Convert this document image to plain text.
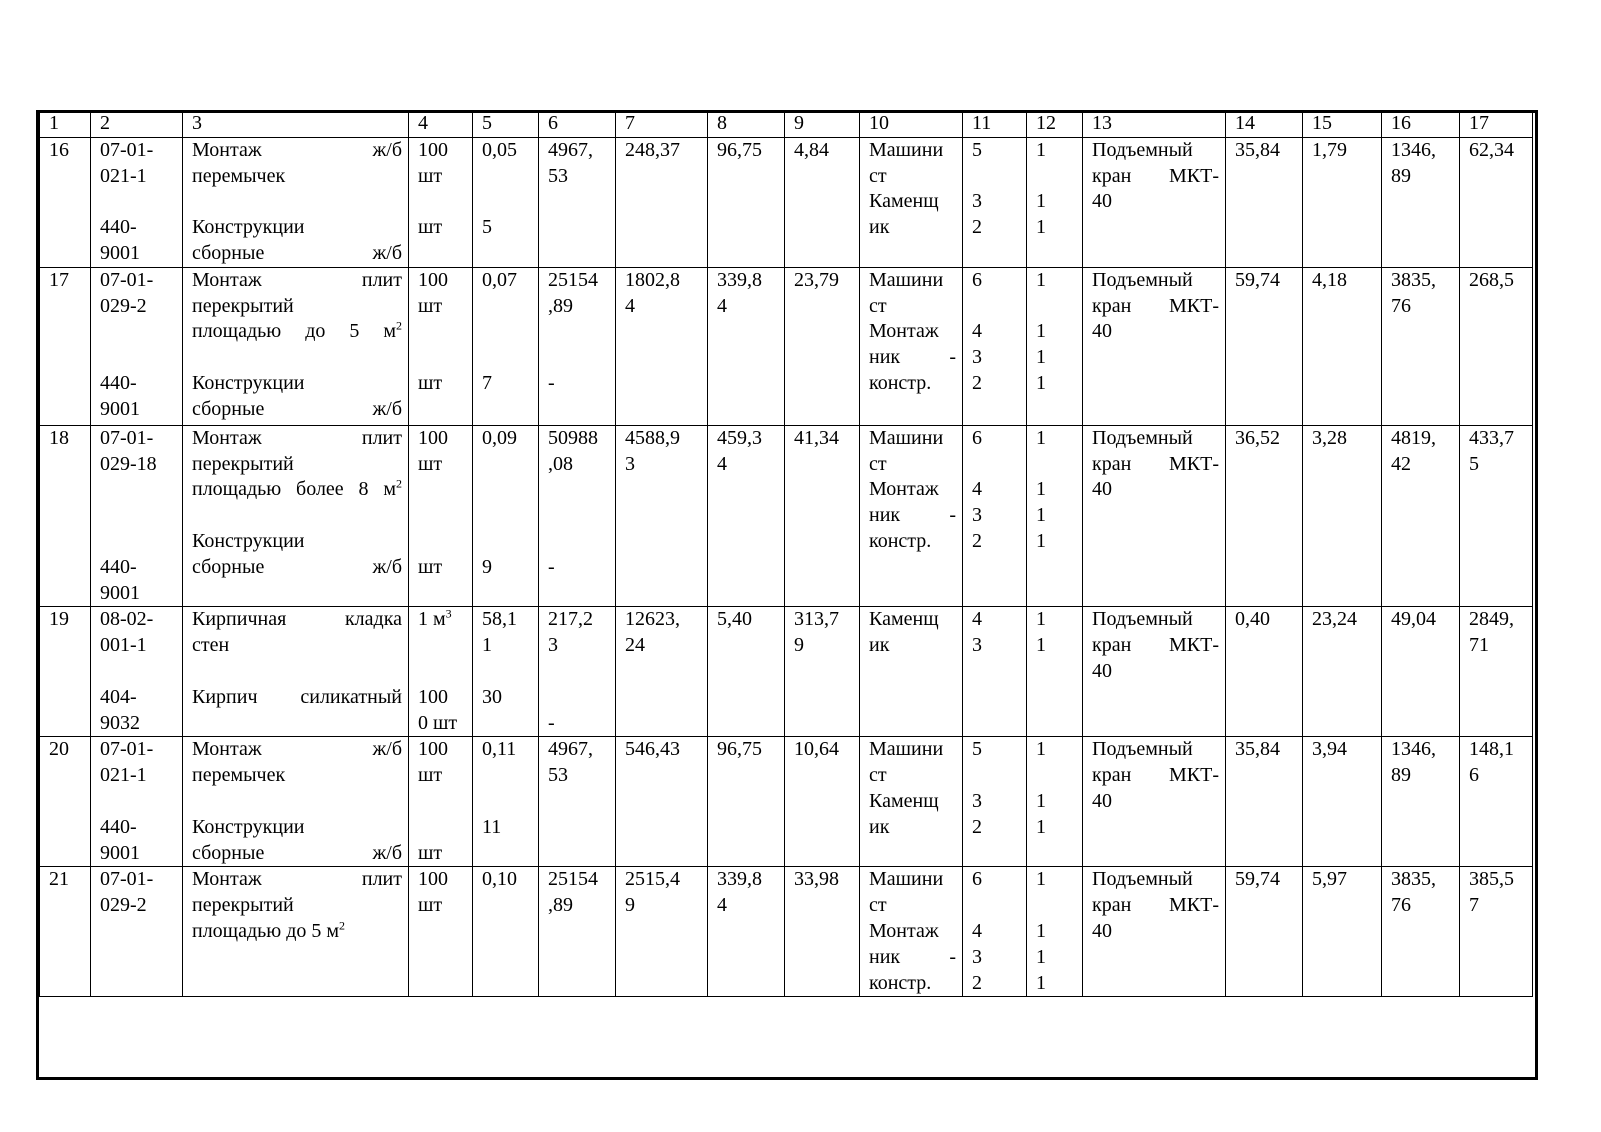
1	2	3	4	5	6	7	8	9	10	11	12	13	14	15	16	17

16	07-01-
021-1

440-
9001	Монтаж ж/б
перемычек

Конструкции
сборные ж/б	100
шт

шт	0,05

5	4967,
53	248,37	96,75	4,84	Машини
ст
Каменщ
ик	5

3
2	1

1
1	Подъемный
кран МКТ-
40	35,84	1,79	1346,
89	62,34

17	07-01-
029-2

440-
9001	Монтаж плит
перекрытий
площадью до 5 $м^2$

Конструкции
сборные ж/б	100
шт

шт	0,07

7	25154
,89

-	1802,8
4	339,8
4	23,79	Машини
ст
Монтаж
ник -
констр.	6

4
3
2	1

1
1
1	Подъемный
кран МКТ-
40	59,74	4,18	3835,
76	268,5

18	07-01-
029-18

440-
9001	Монтаж плит
перекрытий
площадью более 8 $м^2$

Конструкции
сборные ж/б	100
шт

шт	0,09

9	50988
,08

-	4588,9
3	459,3
4	41,34	Машини
ст
Монтаж
ник -
констр.	6

4
3
2	1

1
1
1	Подъемный
кран МКТ-
40	36,52	3,28	4819,
42	433,7
5

19	08-02-
001-1

404-
9032	Кирпичная кладка
стен

Кирпич силикатный	1 $м^3$

100
0 шт	58,1
1

30	217,2
3

-	12623,
24	5,40	313,7
9	Каменщ
ик	4
3	1
1	Подъемный
кран МКТ-
40	0,40	23,24	49,04	2849,
71

20	07-01-
021-1

440-
9001	Монтаж ж/б
перемычек

Конструкции
сборные ж/б	100
шт

шт	0,11

11	4967,
53	546,43	96,75	10,64	Машини
ст
Каменщ
ик	5

3
2	1

1
1	Подъемный
кран МКТ-
40	35,84	3,94	1346,
89	148,1
6

21	07-01-
029-2	Монтаж плит
перекрытий
площадью до 5 $м^2$	100
шт	0,10	25154
,89	2515,4
9	339,8
4	33,98	Машини
ст
Монтаж
ник -
констр.	6

4
3
2	1

1
1
1	Подъемный
кран МКТ-
40	59,74	5,97	3835,
76	385,5
7
